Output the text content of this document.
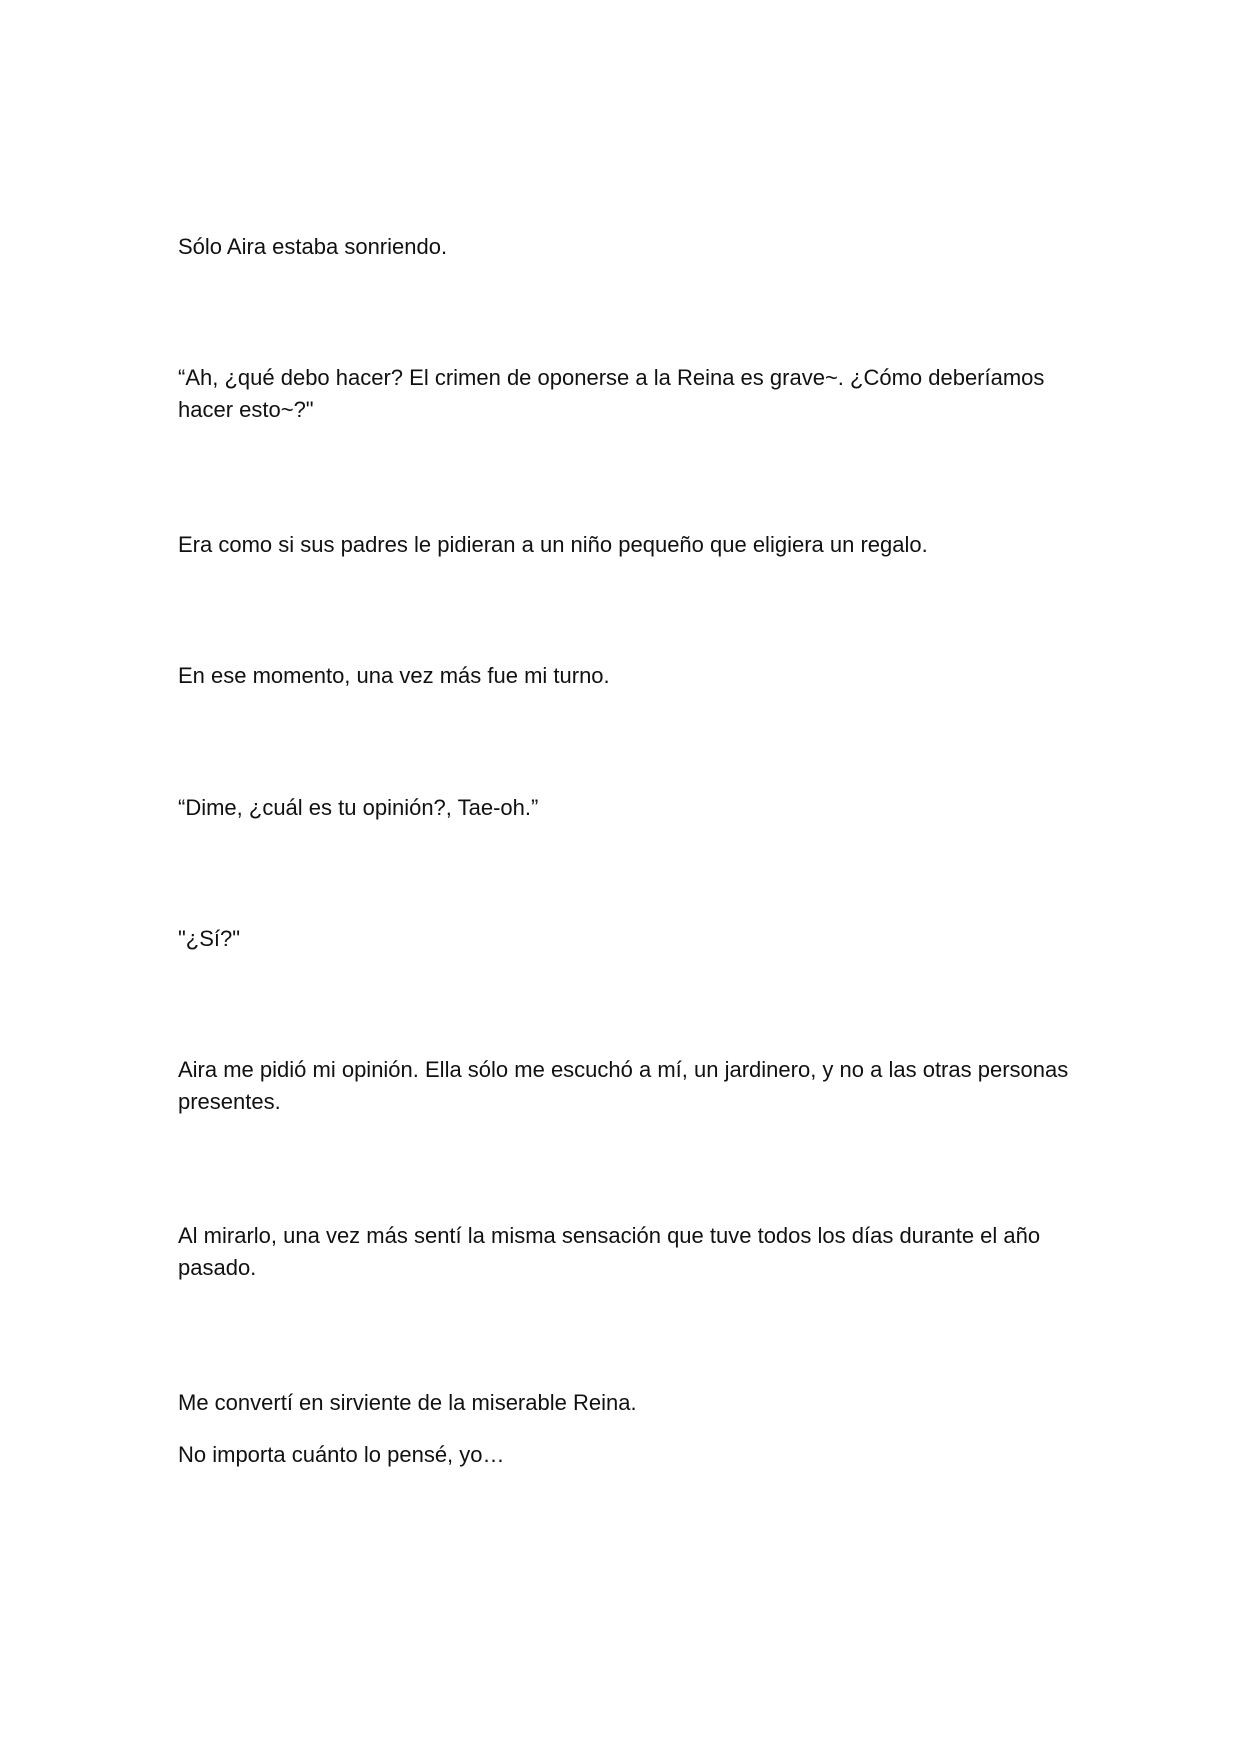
Sólo Aira estaba sonriendo.

“Ah, ¿qué debo hacer? El crimen de oponerse a la Reina es grave~. ¿Cómo deberíamos hacer esto~?"

Era como si sus padres le pidieran a un niño pequeño que eligiera un regalo.

En ese momento, una vez más fue mi turno.

“Dime, ¿cuál es tu opinión?, Tae-oh.”

"¿Sí?"

Aira me pidió mi opinión. Ella sólo me escuchó a mí, un jardinero, y no a las otras personas presentes.

Al mirarlo, una vez más sentí la misma sensación que tuve todos los días durante el año pasado.

Me convertí en sirviente de la miserable Reina.

No importa cuánto lo pensé, yo…
